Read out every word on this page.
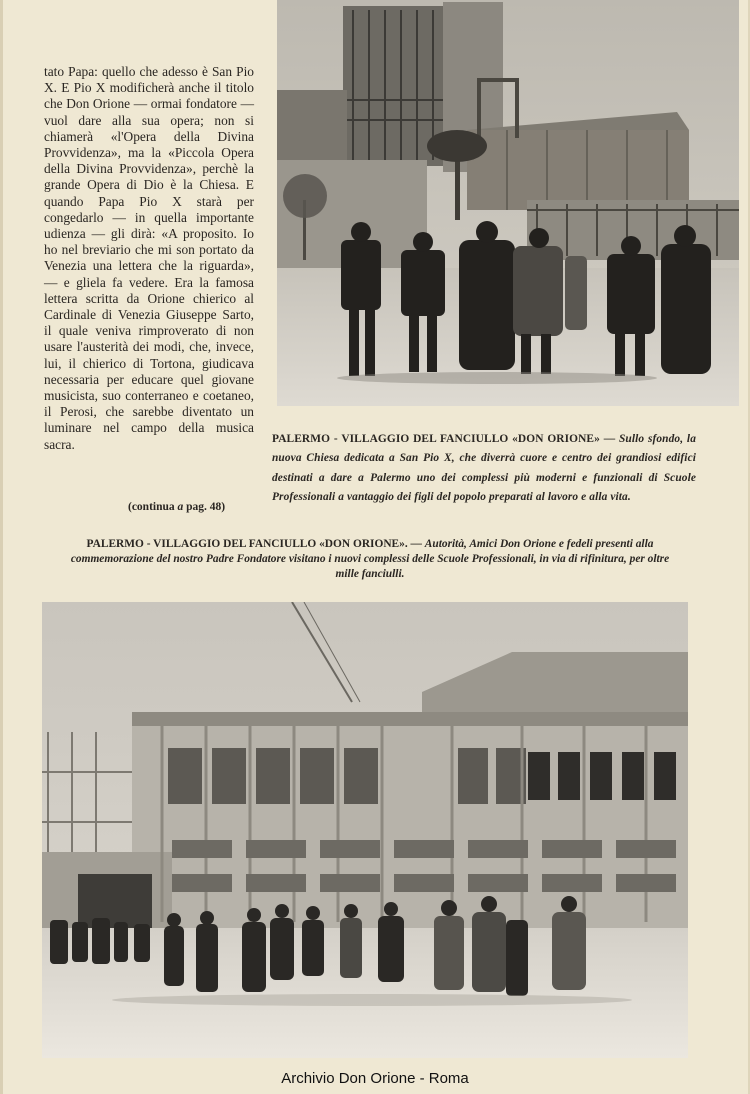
tato Papa: quello che adesso è San Pio X. E Pio X modificherà anche il titolo che Don Orione — ormai fondatore — vuol dare alla sua opera; non si chiamerà «l'Opera della Divina Provvidenza», ma la «Piccola Opera della Divina Provvidenza», perchè la grande Opera di Dio è la Chiesa. E quando Papa Pio X starà per congedarlo — in quella importante udienza — gli dirà: «A proposito. Io ho nel breviario che mi son portato da Venezia una lettera che la riguarda», — e gliela fa vedere. Era la famosa lettera scritta da Orione chierico al Cardinale di Venezia Giuseppe Sarto, il quale veniva rimproverato di non usare l'austerità dei modi, che, invece, lui, il chierico di Tortona, giudicava necessaria per educare quel giovane musicista, suo conterraneo e coetaneo, il Perosi, che sarebbe diventato un luminare nel campo della musica sacra.

(continua a pag. 48)

PALERMO - VILLAGGIO DEL FANCIULLO «DON ORIONE» — Sullo sfondo, la nuova Chiesa dedicata a San Pio X, che diverrà cuore e centro dei grandiosi edifici destinati a dare a Palermo uno dei complessi più moderni e funzionali di Scuole Professionali a vantaggio dei figli del popolo preparati al lavoro e alla vita.

PALERMO - VILLAGGIO DEL FANCIULLO «DON ORIONE». — Autorità, Amici Don Orione e fedeli presenti alla commemorazione del nostro Padre Fondatore visitano i nuovi complessi delle Scuole Professionali, in via di rifinitura, per oltre mille fanciulli.

Archivio Don Orione - Roma
